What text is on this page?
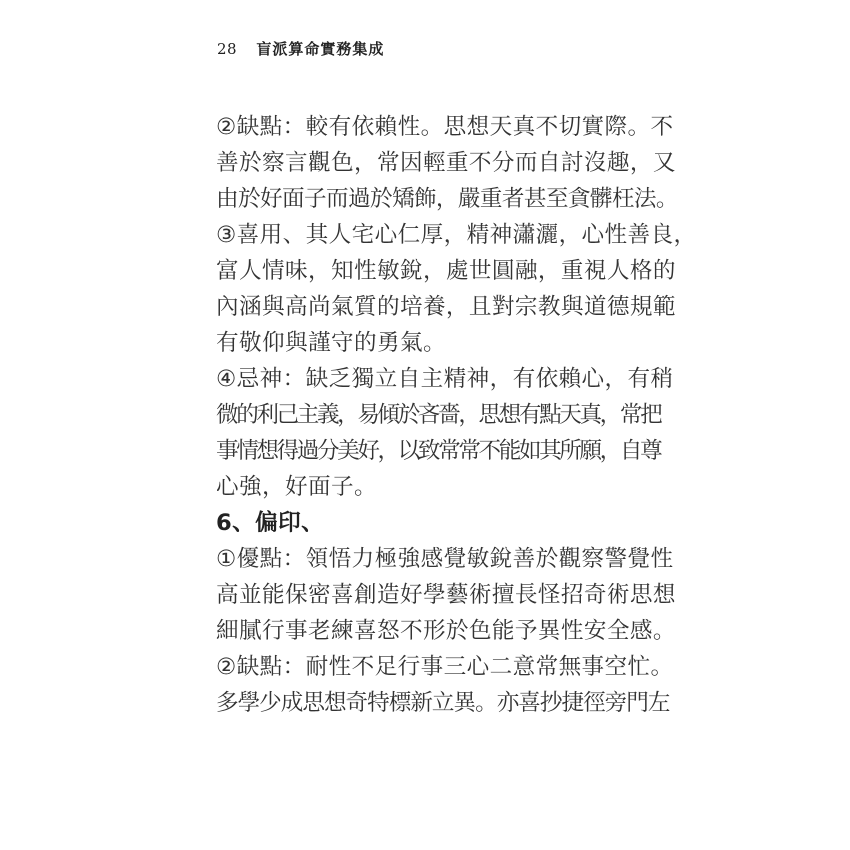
28 盲派算命實務集成
②缺點：較有依賴性。思想天真不切實際。不
善於察言觀色，常因輕重不分而自討沒趣，又
由於好面子而過於矯飾，嚴重者甚至貪髒枉法。
③喜用、其人宅心仁厚，精神瀟灑，心性善良，
富人情味，知性敏銳，處世圓融，重視人格的
內涵與高尚氣質的培養，且對宗教與道德規範
有敬仰與謹守的勇氣。
④忌神：缺乏獨立自主精神，有依賴心，有稍
微的利己主義，易傾於吝嗇，思想有點天真，常把
事情想得過分美好，以致常常不能如其所願，自尊
心強，好面子。
6、偏印、
①優點：領悟力極強感覺敏銳善於觀察警覺性
高並能保密喜創造好學藝術擅長怪招奇術思想
細膩行事老練喜怒不形於色能予異性安全感。
②缺點：耐性不足行事三心二意常無事空忙。
多學少成思想奇特標新立異。亦喜抄捷徑旁門左
